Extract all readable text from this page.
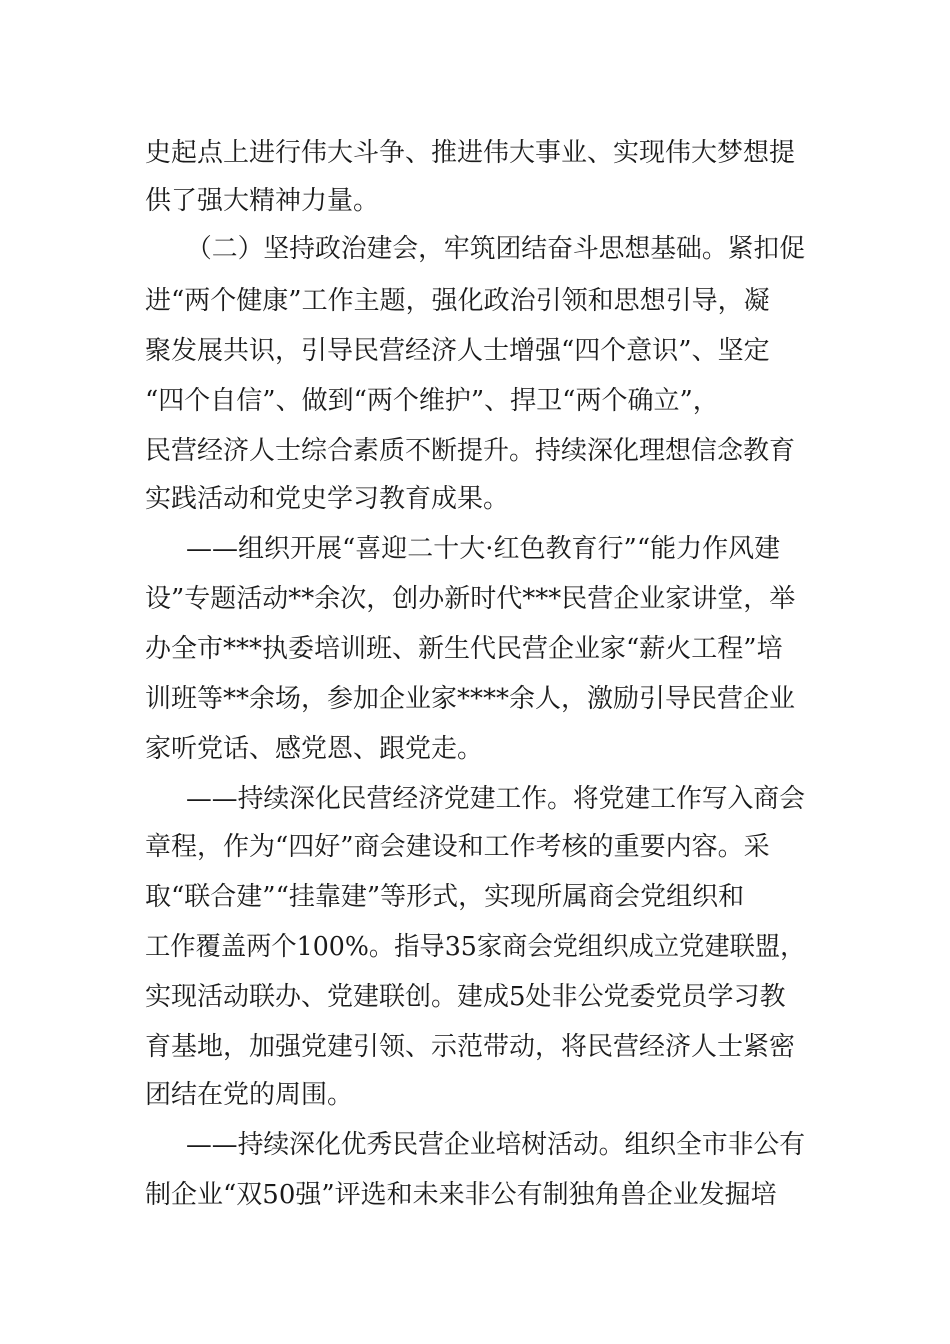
史起点上进行伟大斗争、推进伟大事业、实现伟大梦想提
供了强大精神力量。
（二）坚持政治建会，牢筑团结奋斗思想基础。紧扣促
进“两个健康”工作主题，强化政治引领和思想引导，凝
聚发展共识，引导民营经济人士增强“四个意识”、坚定
“四个自信”、做到“两个维护”、捍卫“两个确立”，
民营经济人士综合素质不断提升。持续深化理想信念教育
实践活动和党史学习教育成果。
——组织开展“喜迎二十大·红色教育行”“能力作风建
设”专题活动**余次，创办新时代***民营企业家讲堂，举
办全市***执委培训班、新生代民营企业家“薪火工程”培
训班等**余场，参加企业家****余人，激励引导民营企业
家听党话、感党恩、跟党走。
——持续深化民营经济党建工作。将党建工作写入商会
章程，作为“四好”商会建设和工作考核的重要内容。采
取“联合建”“挂靠建”等形式，实现所属商会党组织和
工作覆盖两个100%。指导35家商会党组织成立党建联盟，
实现活动联办、党建联创。建成5处非公党委党员学习教
育基地，加强党建引领、示范带动，将民营经济人士紧密
团结在党的周围。
——持续深化优秀民营企业培树活动。组织全市非公有
制企业“双50强”评选和未来非公有制独角兽企业发掘培
